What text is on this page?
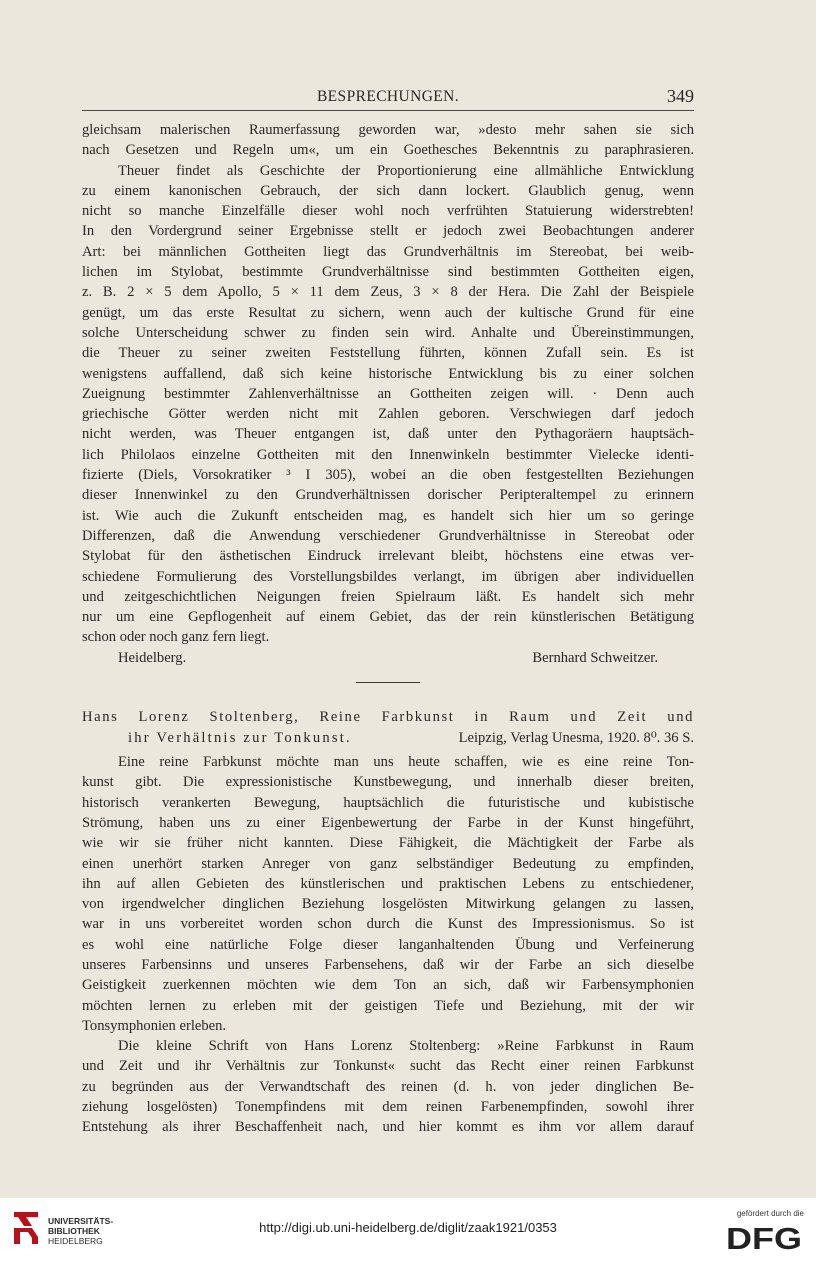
BESPRECHUNGEN.	349
gleichsam malerischen Raumerfassung geworden war, »desto mehr sahen sie sich
nach Gesetzen und Regeln um«, um ein Goethesches Bekenntnis zu paraphrasieren.
Theuer findet als Geschichte der Proportionierung eine allmähliche Entwicklung
zu einem kanonischen Gebrauch, der sich dann lockert. Glaublich genug, wenn
nicht so manche Einzelfälle dieser wohl noch verfrühten Statuierung widerstrebten!
In den Vordergrund seiner Ergebnisse stellt er jedoch zwei Beobachtungen anderer
Art: bei männlichen Gottheiten liegt das Grundverhältnis im Stereobat, bei weib-
lichen im Stylobat, bestimmte Grundverhältnisse sind bestimmten Gottheiten eigen,
z. B. 2 × 5 dem Apollo, 5 × 11 dem Zeus, 3 × 8 der Hera. Die Zahl der Beispiele
genügt, um das erste Resultat zu sichern, wenn auch der kultische Grund für eine
solche Unterscheidung schwer zu finden sein wird. Anhalte und Übereinstimmungen,
die Theuer zu seiner zweiten Feststellung führten, können Zufall sein. Es ist
wenigstens auffallend, daß sich keine historische Entwicklung bis zu einer solchen
Zueignung bestimmter Zahlenverhältnisse an Gottheiten zeigen will. · Denn auch
griechische Götter werden nicht mit Zahlen geboren. Verschwiegen darf jedoch
nicht werden, was Theuer entgangen ist, daß unter den Pythagoräern hauptsäch-
lich Philolaos einzelne Gottheiten mit den Innenwinkeln bestimmter Vielecke identi-
fizierte (Diels, Vorsokratiker ³ I 305), wobei an die oben festgestellten Beziehungen
dieser Innenwinkel zu den Grundverhältnissen dorischer Peripteraltempel zu erinnern
ist. Wie auch die Zukunft entscheiden mag, es handelt sich hier um so geringe
Differenzen, daß die Anwendung verschiedener Grundverhältnisse in Stereobat oder
Stylobat für den ästhetischen Eindruck irrelevant bleibt, höchstens eine etwas ver-
schiedene Formulierung des Vorstellungsbildes verlangt, im übrigen aber individuellen
und zeitgeschichtlichen Neigungen freien Spielraum läßt. Es handelt sich mehr
nur um eine Gepflogenheit auf einem Gebiet, das der rein künstlerischen Betätigung
schon oder noch ganz fern liegt.
Heidelberg.	Bernhard Schweitzer.
Hans Lorenz Stoltenberg, Reine Farbkunst in Raum und Zeit und
ihr Verhältnis zur Tonkunst.	Leipzig, Verlag Unesma, 1920. 8⁰. 36 S.
Eine reine Farbkunst möchte man uns heute schaffen, wie es eine reine Ton-
kunst gibt. Die expressionistische Kunstbewegung, und innerhalb dieser breiten,
historisch verankerten Bewegung, hauptsächlich die futuristische und kubistische
Strömung, haben uns zu einer Eigenbewertung der Farbe in der Kunst hingeführt,
wie wir sie früher nicht kannten. Diese Fähigkeit, die Mächtigkeit der Farbe als
einen unerhört starken Anreger von ganz selbständiger Bedeutung zu empfinden,
ihn auf allen Gebieten des künstlerischen und praktischen Lebens zu entschiedener,
von irgendwelcher dinglichen Beziehung losgelösten Mitwirkung gelangen zu lassen,
war in uns vorbereitet worden schon durch die Kunst des Impressionismus. So ist
es wohl eine natürliche Folge dieser langanhaltenden Übung und Verfeinerung
unseres Farbensinns und unseres Farbensehens, daß wir der Farbe an sich dieselbe
Geistigkeit zuerkennen möchten wie dem Ton an sich, daß wir Farbensymphonien
möchten lernen zu erleben mit der geistigen Tiefe und Beziehung, mit der wir
Tonsymphonien erleben.
Die kleine Schrift von Hans Lorenz Stoltenberg: »Reine Farbkunst in Raum
und Zeit und ihr Verhältnis zur Tonkunst« sucht das Recht einer reinen Farbkunst
zu begründen aus der Verwandtschaft des reinen (d. h. von jeder dinglichen Be-
ziehung losgelösten) Tonempfindens mit dem reinen Farbenempfinden, sowohl ihrer
Entstehung als ihrer Beschaffenheit nach, und hier kommt es ihm vor allem darauf
UNIVERSITÄTS-
BIBLIOTHEK
HEIDELBERG
http://digi.ub.uni-heidelberg.de/diglit/zaak1921/0353
gefördert durch die
DFG
